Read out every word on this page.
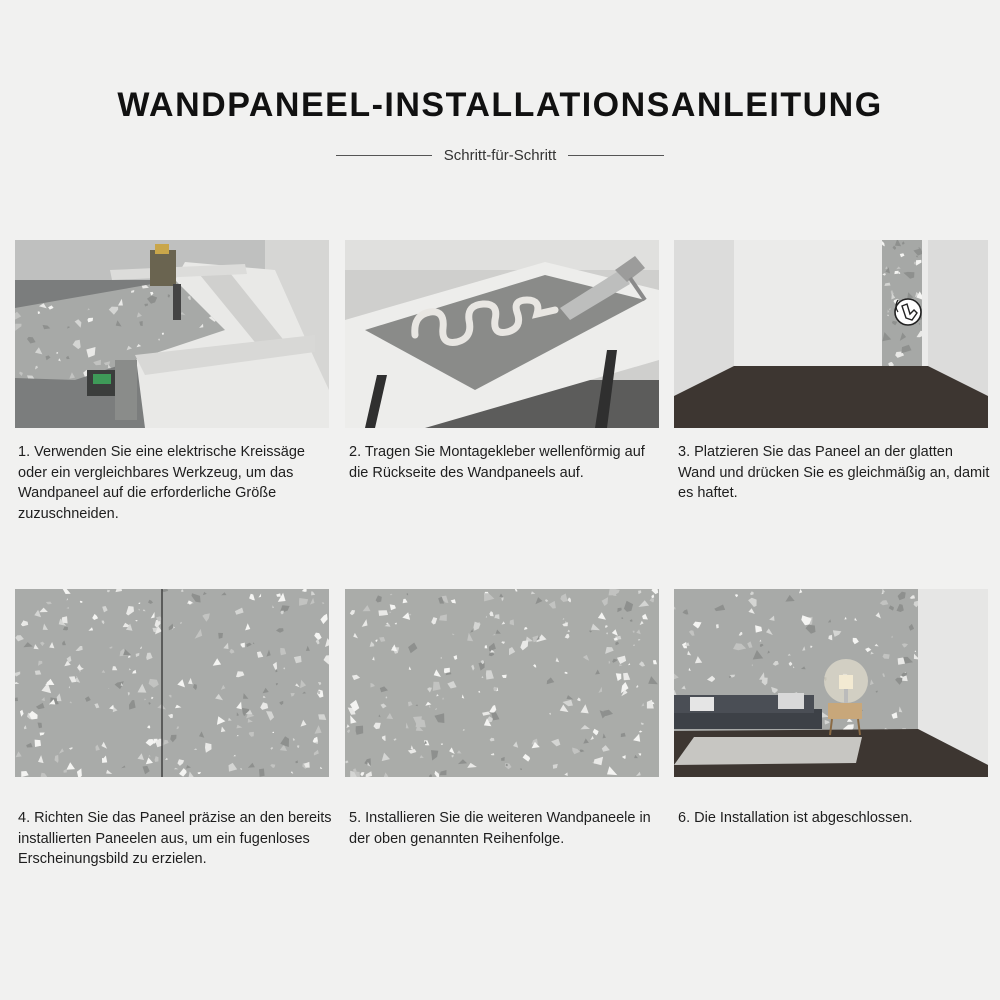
WANDPANEEL-INSTALLATIONSANLEITUNG
Schritt-für-Schritt

1. Verwenden Sie eine elektrische Kreissäge oder ein vergleichbares Werkzeug, um das Wandpaneel auf die erforderliche Größe zuzuschneiden.

2. Tragen Sie Montagekleber wellenförmig auf die Rückseite des Wandpaneels auf.

3. Platzieren Sie das Paneel an der glatten Wand und drücken Sie es gleichmäßig an, damit es haftet.

4. Richten Sie das Paneel präzise an den bereits installierten Paneelen aus, um ein fugenloses Erscheinungsbild zu erzielen.

5. Installieren Sie die weiteren Wandpaneele in der oben genannten Reihenfolge.

6. Die Installation ist abgeschlossen.
